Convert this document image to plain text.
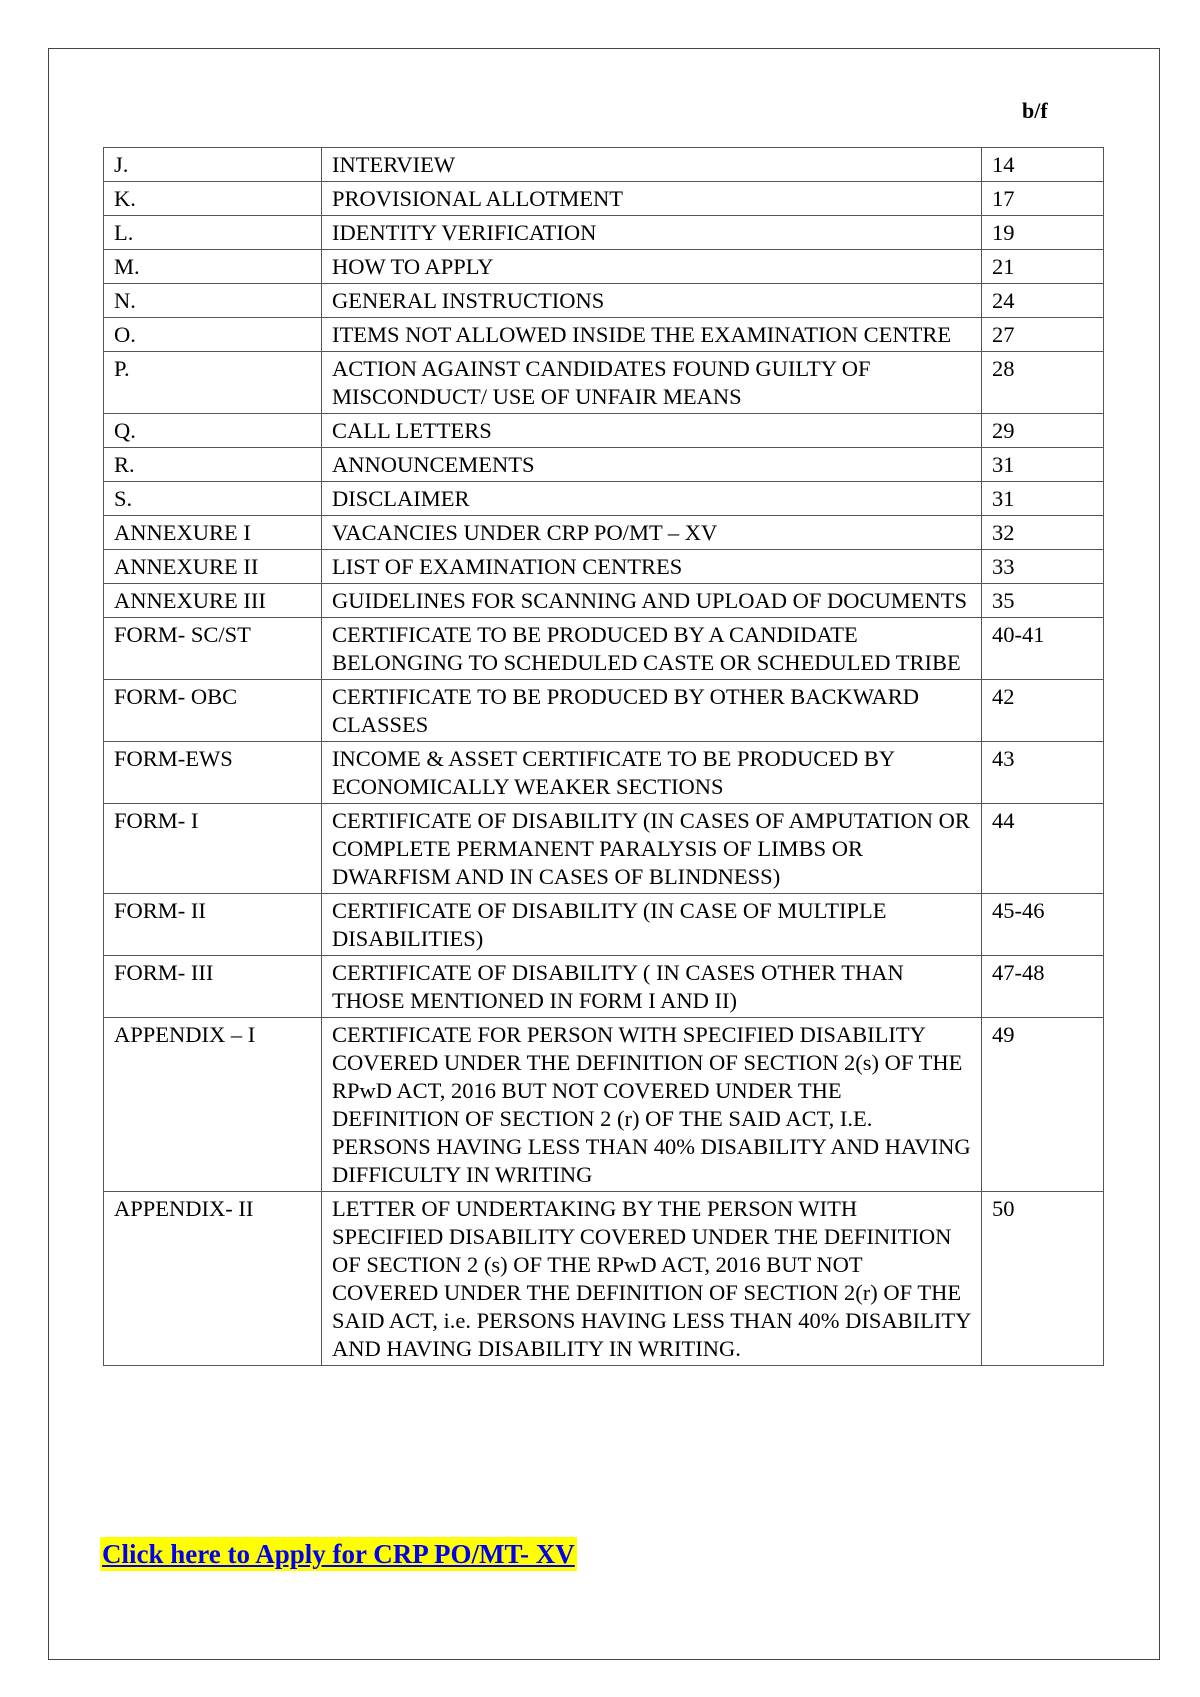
b/f
J.	INTERVIEW	14
K.	PROVISIONAL ALLOTMENT	17
L.	IDENTITY VERIFICATION	19
M.	HOW TO APPLY	21
N.	GENERAL INSTRUCTIONS	24
O.	ITEMS NOT ALLOWED INSIDE THE EXAMINATION CENTRE	27
P.	ACTION AGAINST CANDIDATES FOUND GUILTY OF MISCONDUCT/ USE OF UNFAIR MEANS	28
Q.	CALL LETTERS	29
R.	ANNOUNCEMENTS	31
S.	DISCLAIMER	31
ANNEXURE I	VACANCIES UNDER CRP PO/MT – XV	32
ANNEXURE II	LIST OF EXAMINATION CENTRES	33
ANNEXURE III	GUIDELINES FOR SCANNING AND UPLOAD OF DOCUMENTS	35
FORM- SC/ST	CERTIFICATE TO BE PRODUCED BY A CANDIDATE BELONGING TO SCHEDULED CASTE OR SCHEDULED TRIBE	40-41
FORM- OBC	CERTIFICATE TO BE PRODUCED BY OTHER BACKWARD CLASSES	42
FORM-EWS	INCOME & ASSET CERTIFICATE TO BE PRODUCED BY ECONOMICALLY WEAKER SECTIONS	43
FORM- I	CERTIFICATE OF DISABILITY (IN CASES OF AMPUTATION OR COMPLETE PERMANENT PARALYSIS OF LIMBS OR DWARFISM AND IN CASES OF BLINDNESS)	44
FORM- II	CERTIFICATE OF DISABILITY (IN CASE OF MULTIPLE DISABILITIES)	45-46
FORM- III	CERTIFICATE OF DISABILITY ( IN CASES OTHER THAN THOSE MENTIONED IN FORM I AND II)	47-48
APPENDIX – I	CERTIFICATE FOR PERSON WITH SPECIFIED DISABILITY COVERED UNDER THE DEFINITION OF SECTION 2(s) OF THE RPwD ACT, 2016 BUT NOT COVERED UNDER THE DEFINITION OF SECTION 2 (r) OF THE SAID ACT, I.E. PERSONS HAVING LESS THAN 40% DISABILITY AND HAVING DIFFICULTY IN WRITING	49
APPENDIX- II	LETTER OF UNDERTAKING BY THE PERSON WITH SPECIFIED DISABILITY COVERED UNDER THE DEFINITION OF SECTION 2 (s) OF THE RPwD ACT, 2016 BUT NOT COVERED UNDER THE DEFINITION OF SECTION 2(r) OF THE SAID ACT, i.e. PERSONS HAVING LESS THAN 40% DISABILITY AND HAVING DISABILITY IN WRITING.	50
Click here to Apply for CRP PO/MT- XV
